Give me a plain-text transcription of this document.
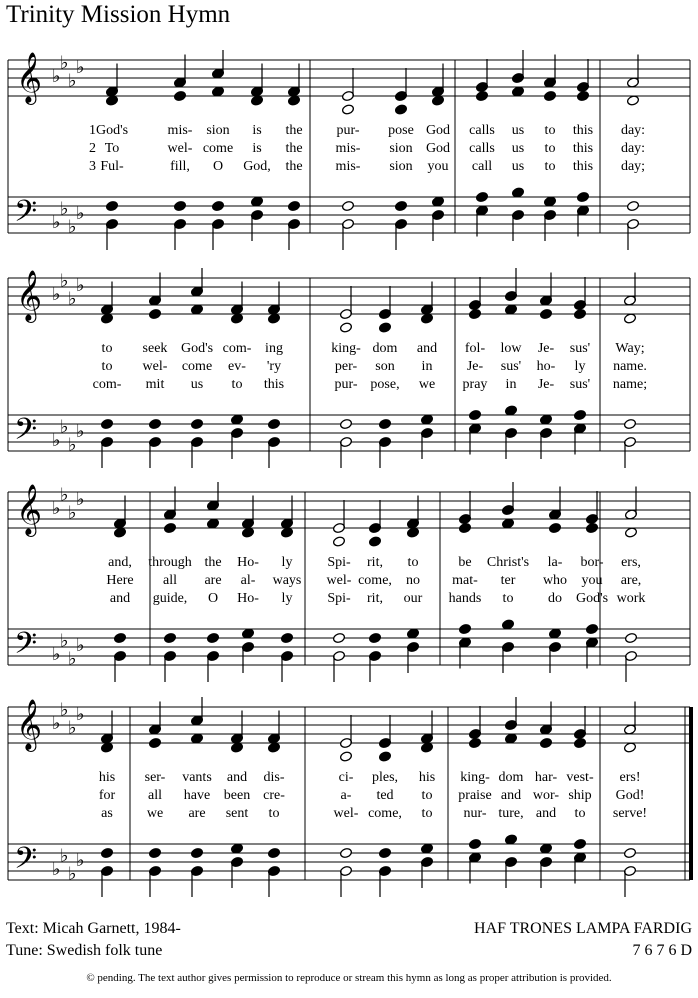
Trinity Mission Hymn
𝄞
𝄢
♭
♭
♭
♭
♭
♭
♭
♭
1 God's	mis- sion is the pur- pose God calls us to this day:
2 To	wel- come is the mis- sion God calls us to this day:
3 Ful-	fill, O God, the mis- sion you call us to this day;
𝄞
𝄢
♭
♭
♭
♭
♭
♭
♭
♭
to seek God's com- ing	king- dom and fol- low Je- sus' Way;
to wel- come ev- 'ry	per- son in Je- sus' ho- ly name.
com- mit us to this	pur- pose, we pray in Je- sus' name;
𝄞
𝄢
♭
♭
♭
♭
♭
♭
♭
♭
and, through the Ho- ly Spi- rit, to	be Christ's la- bor- ers,
Here all are al- ways wel- come, no mat- ter who you are,
and guide, O Ho- ly Spi- rit, our hands to do God's work
𝄞
𝄢
♭
♭
♭
♭
♭
♭
♭
♭
his ser- vants and dis-	ci- ples, his king- dom har- vest- ers!
for all have been cre-	a- ted to praise and wor- ship God!
as we are sent to	wel- come, to nur- ture, and to serve!
Text: Micah Garnett, 1984-
Tune: Swedish folk tune
HAF TRONES LAMPA FARDIG
7 6 7 6 D
© pending. The text author gives permission to reproduce or stream this hymn as long as proper attribution is provided.
